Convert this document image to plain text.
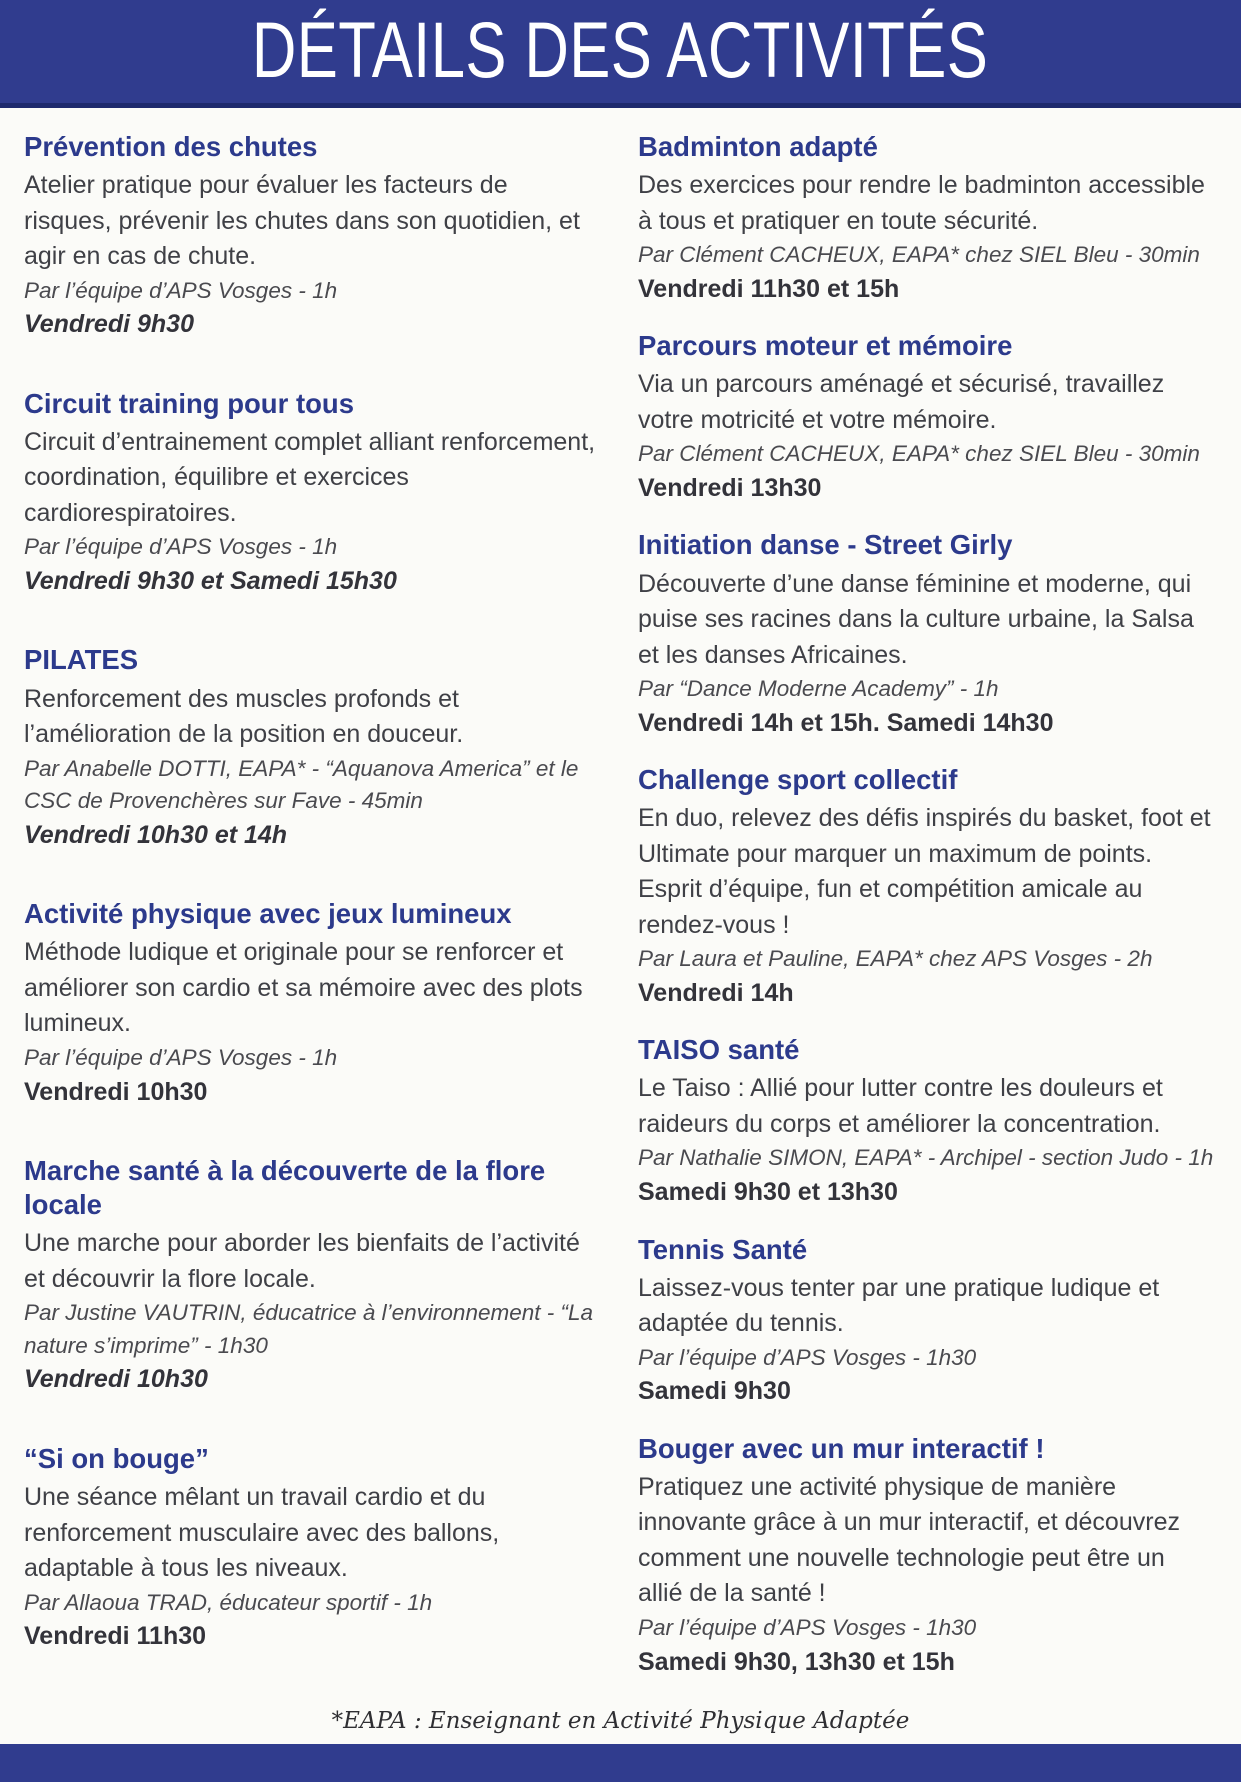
DÉTAILS DES ACTIVITÉS
Prévention des chutes

Atelier pratique pour évaluer les facteurs de risques, prévenir les chutes dans son quotidien, et agir en cas de chute.

Par l’équipe d’APS Vosges - 1h

Vendredi 9h30

Circuit training pour tous

Circuit d’entrainement complet alliant renforcement, coordination, équilibre et exercices cardiorespiratoires.

Par l’équipe d’APS Vosges - 1h

Vendredi 9h30 et Samedi 15h30

PILATES

Renforcement des muscles profonds et l’amélioration de la position en douceur.

Par Anabelle DOTTI, EAPA* - “Aquanova America” et le CSC de Provenchères sur Fave - 45min

Vendredi 10h30 et 14h

Activité physique avec jeux lumineux

Méthode ludique et originale pour se renforcer et améliorer son cardio et sa mémoire avec des plots lumineux.

Par l’équipe d’APS Vosges - 1h

Vendredi 10h30

Marche santé à la découverte de la flore locale

Une marche pour aborder les bienfaits de l’activité et découvrir la flore locale.

Par Justine VAUTRIN, éducatrice à l’environnement - “La nature s’imprime” - 1h30

Vendredi 10h30

“Si on bouge”

Une séance mêlant un travail cardio et du renforcement musculaire avec des ballons, adaptable à tous les niveaux.

Par Allaoua TRAD, éducateur sportif - 1h

Vendredi 11h30

Badminton adapté

Des exercices pour rendre le badminton accessible à tous et pratiquer en toute sécurité.

Par Clément CACHEUX, EAPA* chez SIEL Bleu - 30min

Vendredi 11h30 et 15h

Parcours moteur et mémoire

Via un parcours aménagé et sécurisé, travaillez votre motricité et votre mémoire.

Par Clément CACHEUX, EAPA* chez SIEL Bleu - 30min

Vendredi 13h30

Initiation danse - Street Girly

Découverte d’une danse féminine et moderne, qui puise ses racines dans la culture urbaine, la Salsa et les danses Africaines.

Par “Dance Moderne Academy” - 1h

Vendredi 14h et 15h. Samedi 14h30

Challenge sport collectif

En duo, relevez des défis inspirés du basket, foot et Ultimate pour marquer un maximum de points. Esprit d’équipe, fun et compétition amicale au rendez-vous !

Par Laura et Pauline, EAPA* chez APS Vosges - 2h

Vendredi 14h

TAISO santé

Le Taiso : Allié pour lutter contre les douleurs et raideurs du corps et améliorer la concentration.

Par Nathalie SIMON, EAPA* - Archipel - section Judo - 1h

Samedi 9h30 et 13h30

Tennis Santé

Laissez-vous tenter par une pratique ludique et adaptée du tennis.

Par l’équipe d’APS Vosges - 1h30

Samedi 9h30

Bouger avec un mur interactif !

Pratiquez une activité physique de manière innovante grâce à un mur interactif, et découvrez comment une nouvelle technologie peut être un allié de la santé !

Par l’équipe d’APS Vosges - 1h30

Samedi 9h30, 13h30 et 15h

*EAPA : Enseignant en Activité Physique Adaptée
